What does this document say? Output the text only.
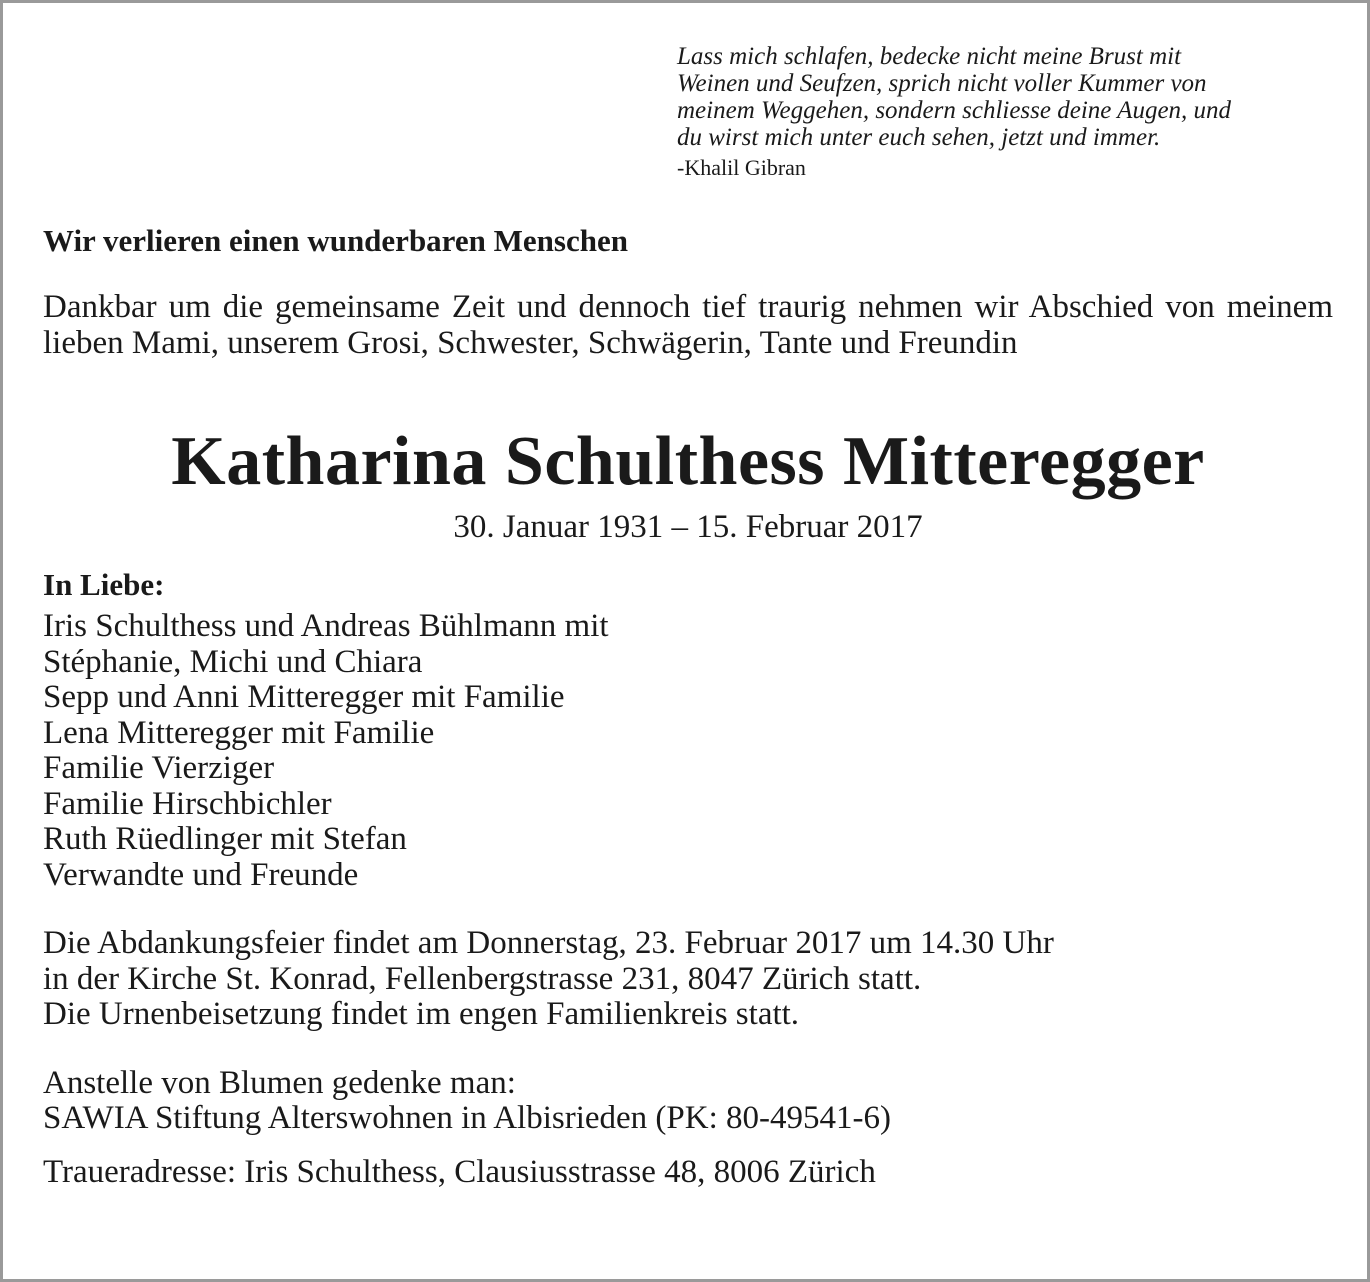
Lass mich schlafen, bedecke nicht meine Brust mit

Weinen und Seufzen, sprich nicht voller Kummer von

meinem Weggehen, sondern schliesse deine Augen, und

du wirst mich unter euch sehen, jetzt und immer.

-Khalil Gibran

Wir verlieren einen wunderbaren Menschen

Dankbar um die gemeinsame Zeit und dennoch tief traurig nehmen wir Abschied von meinem lieben Mami, unserem Grosi, Schwester, Schwägerin, Tante und Freundin

Katharina Schulthess Mitteregger

30. Januar 1931 – 15. Februar 2017

In Liebe:

Iris Schulthess und Andreas Bühlmann mit
Stéphanie, Michi und Chiara
Sepp und Anni Mitteregger mit Familie
Lena Mitteregger mit Familie
Familie Vierziger
Familie Hirschbichler
Ruth Rüedlinger mit Stefan
Verwandte und Freunde

Die Abdankungsfeier findet am Donnerstag, 23. Februar 2017 um 14.30 Uhr
in der Kirche St. Konrad, Fellenbergstrasse 231, 8047 Zürich statt.
Die Urnenbeisetzung findet im engen Familienkreis statt.

Anstelle von Blumen gedenke man:
SAWIA Stiftung Alterswohnen in Albisrieden (PK: 80-49541-6)

Traueradresse: Iris Schulthess, Clausiusstrasse 48, 8006 Zürich
